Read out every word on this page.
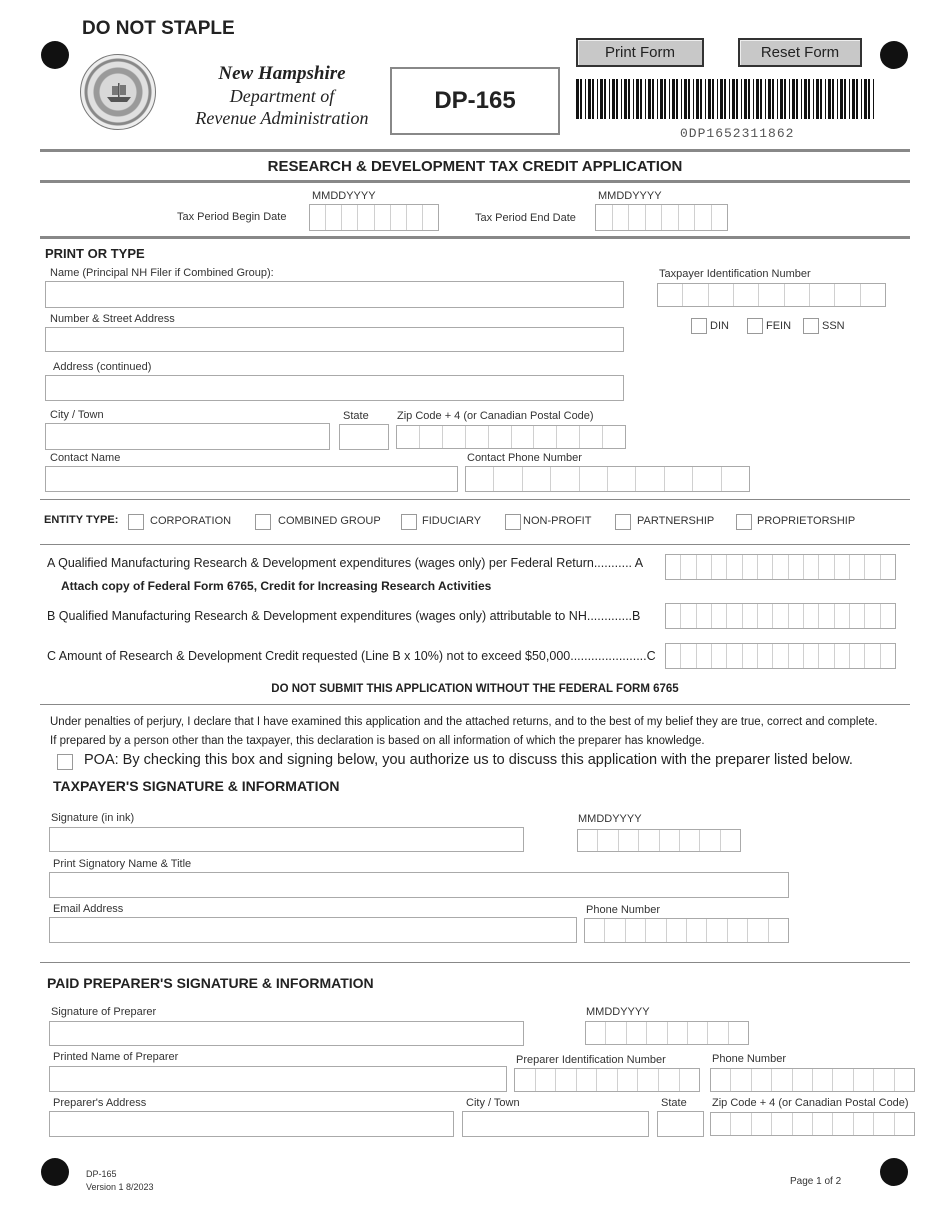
DO NOT STAPLE
New Hampshire
Department of
Revenue Administration
DP-165
Print Form	Reset Form
0DP1652311862
RESEARCH & DEVELOPMENT TAX CREDIT APPLICATION
MMDDYYYY
Tax Period Begin Date
MMDDYYYY
Tax Period End Date
PRINT OR TYPE
Name (Principal NH Filer if Combined Group):	Taxpayer Identification Number
DIN	FEIN	SSN
Number & Street Address
Address (continued)
City / Town	State	Zip Code + 4 (or Canadian Postal Code)
Contact Name	Contact Phone Number
ENTITY TYPE:	CORPORATION	COMBINED GROUP	FIDUCIARY	NON-PROFIT	PARTNERSHIP	PROPRIETORSHIP
A Qualified Manufacturing Research & Development expenditures (wages only) per Federal Return........... A
Attach copy of Federal Form 6765, Credit for Increasing Research Activities
B Qualified Manufacturing Research & Development expenditures (wages only) attributable to NH.............B
C Amount of Research & Development Credit requested (Line B x 10%) not to exceed $50,000......................C
DO NOT SUBMIT THIS APPLICATION WITHOUT THE FEDERAL FORM 6765
Under penalties of perjury, I declare that I have examined this application and the attached returns, and to the best of my belief they are true, correct and complete. If prepared by a person other than the taxpayer, this declaration is based on all information of which the preparer has knowledge.
POA: By checking this box and signing below, you authorize us to discuss this application with the preparer listed below.
TAXPAYER'S SIGNATURE & INFORMATION
Signature (in ink)	MMDDYYYY
Print Signatory Name & Title
Email Address	Phone Number
PAID PREPARER'S SIGNATURE & INFORMATION
Signature of Preparer	MMDDYYYY
Printed Name of Preparer	Preparer Identification Number	Phone Number
Preparer's Address	City / Town	State Zip Code + 4 (or Canadian Postal Code)
DP-165
Version 1 8/2023	Page 1 of 2
